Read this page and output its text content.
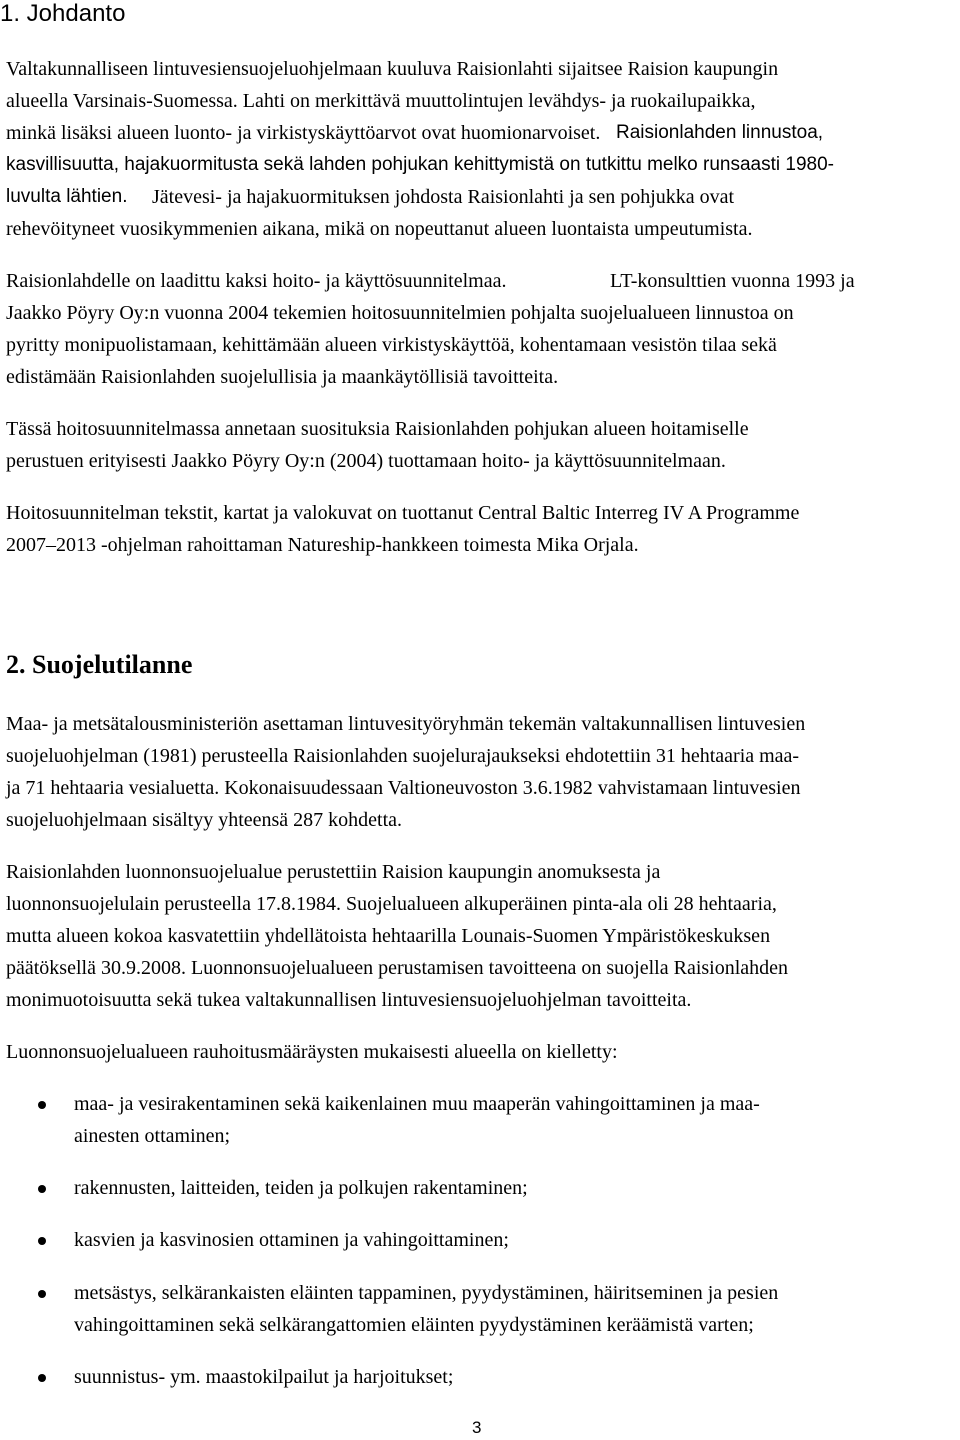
1. Johdanto
Valtakunnalliseen lintuvesiensuojeluohjelmaan kuuluva Raisionlahti sijaitsee Raision kaupungin
alueella Varsinais-Suomessa. Lahti on merkittävä muuttolintujen levähdys- ja ruokailupaikka,
minkä lisäksi alueen luonto- ja virkistyskäyttöarvot ovat huomionarvoiset. Raisionlahden linnustoa,
kasvillisuutta, hajakuormitusta sekä lahden pohjukan kehittymistä on tutkittu melko runsaasti 1980-
luvulta lähtien. Jätevesi- ja hajakuormituksen johdosta Raisionlahti ja sen pohjukka ovat
rehevöityneet vuosikymmenien aikana, mikä on nopeuttanut alueen luontaista umpeutumista.
Raisionlahdelle on laadittu kaksi hoito- ja käyttösuunnitelmaa.	LT-konsulttien vuonna 1993 ja
Jaakko Pöyry Oy:n vuonna 2004 tekemien hoitosuunnitelmien pohjalta suojelualueen linnustoa on
pyritty monipuolistamaan, kehittämään alueen virkistyskäyttöä, kohentamaan vesistön tilaa sekä
edistämään Raisionlahden suojelullisia ja maankäytöllisiä tavoitteita.
Tässä hoitosuunnitelmassa annetaan suosituksia Raisionlahden pohjukan alueen hoitamiselle
perustuen erityisesti Jaakko Pöyry Oy:n (2004) tuottamaan hoito- ja käyttösuunnitelmaan.
Hoitosuunnitelman tekstit, kartat ja valokuvat on tuottanut Central Baltic Interreg IV A Programme
2007–2013 -ohjelman rahoittaman Natureship-hankkeen toimesta Mika Orjala.
2. Suojelutilanne
Maa- ja metsätalousministeriön asettaman lintuvesityöryhmän tekemän valtakunnallisen lintuvesien
suojeluohjelman (1981) perusteella Raisionlahden suojelurajaukseksi ehdotettiin 31 hehtaaria maa-
ja 71 hehtaaria vesialuetta. Kokonaisuudessaan Valtioneuvoston 3.6.1982 vahvistamaan lintuvesien
suojeluohjelmaan sisältyy yhteensä 287 kohdetta.
Raisionlahden luonnonsuojelualue perustettiin Raision kaupungin anomuksesta ja
luonnonsuojelulain perusteella 17.8.1984. Suojelualueen alkuperäinen pinta-ala oli 28 hehtaaria,
mutta alueen kokoa kasvatettiin yhdellätoista hehtaarilla Lounais-Suomen Ympäristökeskuksen
päätöksellä 30.9.2008. Luonnonsuojelualueen perustamisen tavoitteena on suojella Raisionlahden
monimuotoisuutta sekä tukea valtakunnallisen lintuvesiensuojeluohjelman tavoitteita.
Luonnonsuojelualueen rauhoitusmääräysten mukaisesti alueella on kielletty:
maa- ja vesirakentaminen sekä kaikenlainen muu maaperän vahingoittaminen ja maa-
ainesten ottaminen;
rakennusten, laitteiden, teiden ja polkujen rakentaminen;
kasvien ja kasvinosien ottaminen ja vahingoittaminen;
metsästys, selkärankaisten eläinten tappaminen, pyydystäminen, häiritseminen ja pesien
vahingoittaminen sekä selkärangattomien eläinten pyydystäminen keräämistä varten;
suunnistus- ym. maastokilpailut ja harjoitukset;
3
